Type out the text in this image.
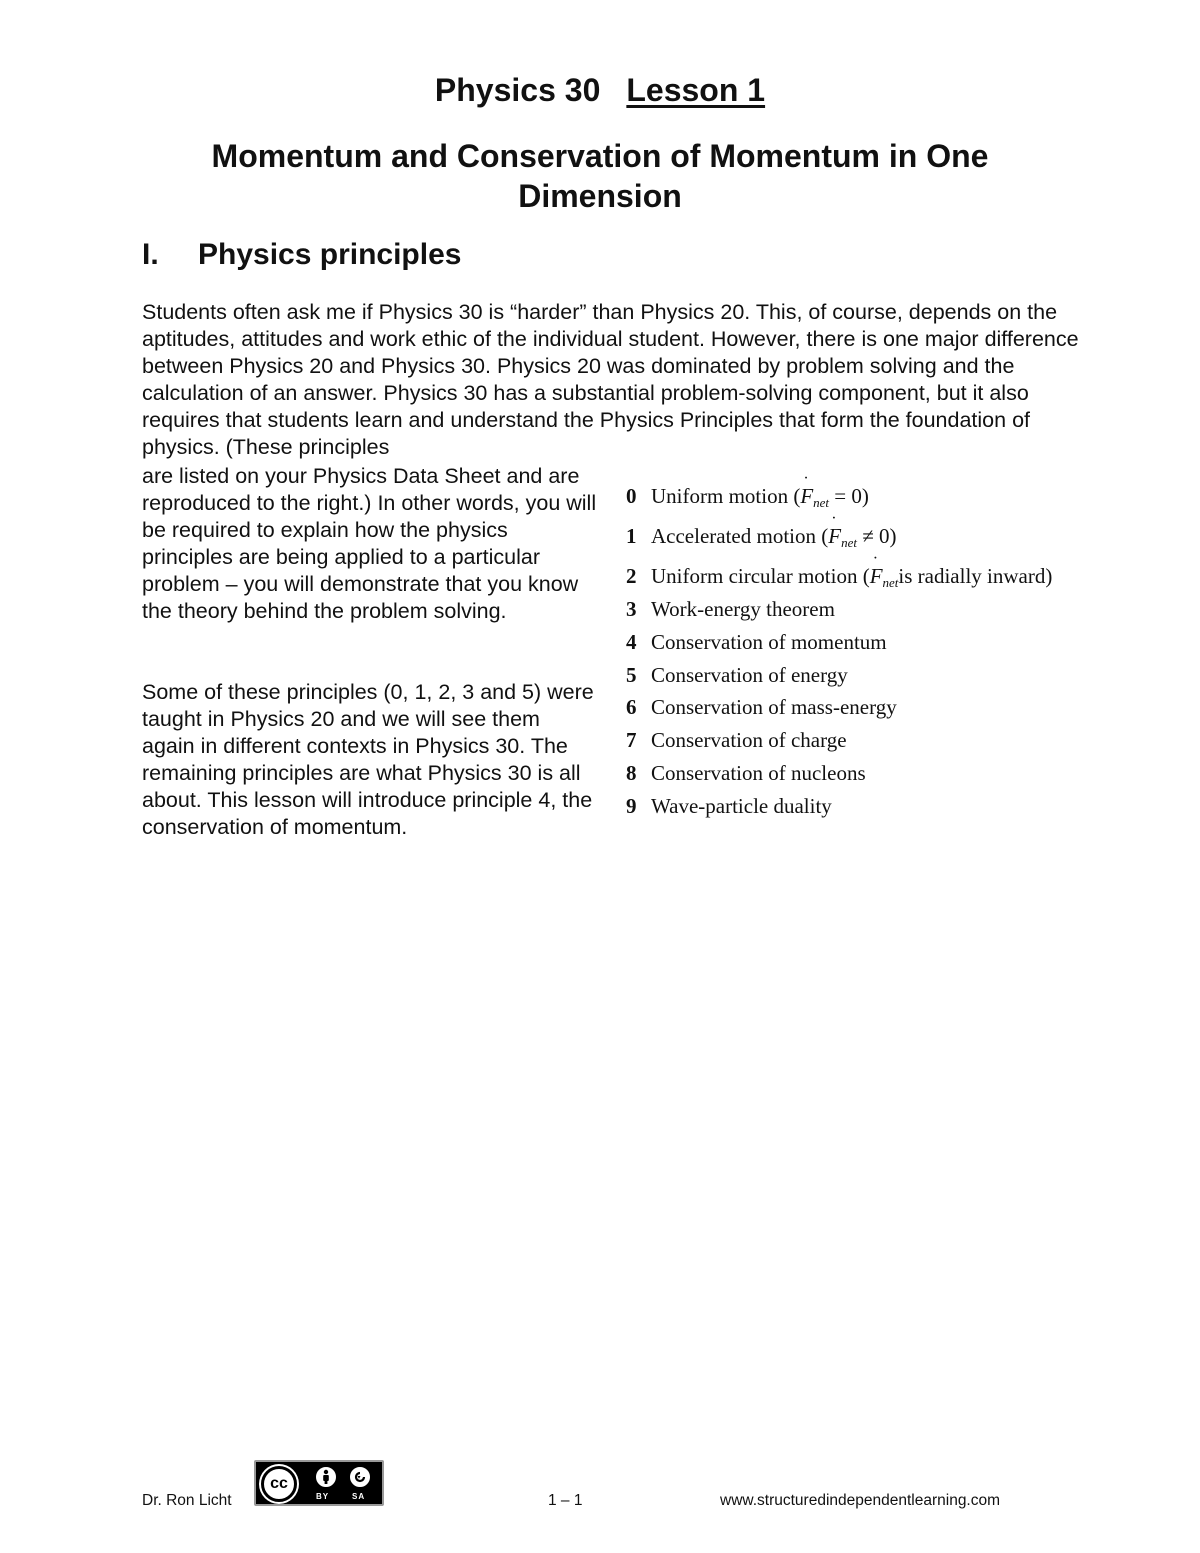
Physics 30 Lesson 1
Momentum and Conservation of Momentum in One Dimension
I. Physics principles

Students often ask me if Physics 30 is “harder” than Physics 20. This, of course, depends on the aptitudes, attitudes and work ethic of the individual student. However, there is one major difference between Physics 20 and Physics 30. Physics 20 was dominated by problem solving and the calculation of an answer. Physics 30 has a substantial problem-solving component, but it also requires that students learn and understand the Physics Principles that form the foundation of physics. (These principles

are listed on your Physics Data Sheet and are reproduced to the right.) In other words, you will be required to explain how the physics principles are being applied to a particular problem – you will demonstrate that you know the theory behind the problem solving.

Some of these principles (0, 1, 2, 3 and 5) were taught in Physics 20 and we will see them again in different contexts in Physics 30. The remaining principles are what Physics 30 is all about. This lesson will introduce principle 4, the conservation of momentum.

0 Uniform motion (· Fnet = 0)
1 Accelerated motion (· Fnet ≠ 0)
2 Uniform circular motion (· Fnetis radially inward)
3 Work-energy theorem
4 Conservation of momentum
5 Conservation of energy
6 Conservation of mass-energy
7 Conservation of charge
8 Conservation of nucleons
9 Wave-particle duality
Dr. Ron Licht
cc
BY	SA	1 – 1	www.structuredindependentlearning.com
